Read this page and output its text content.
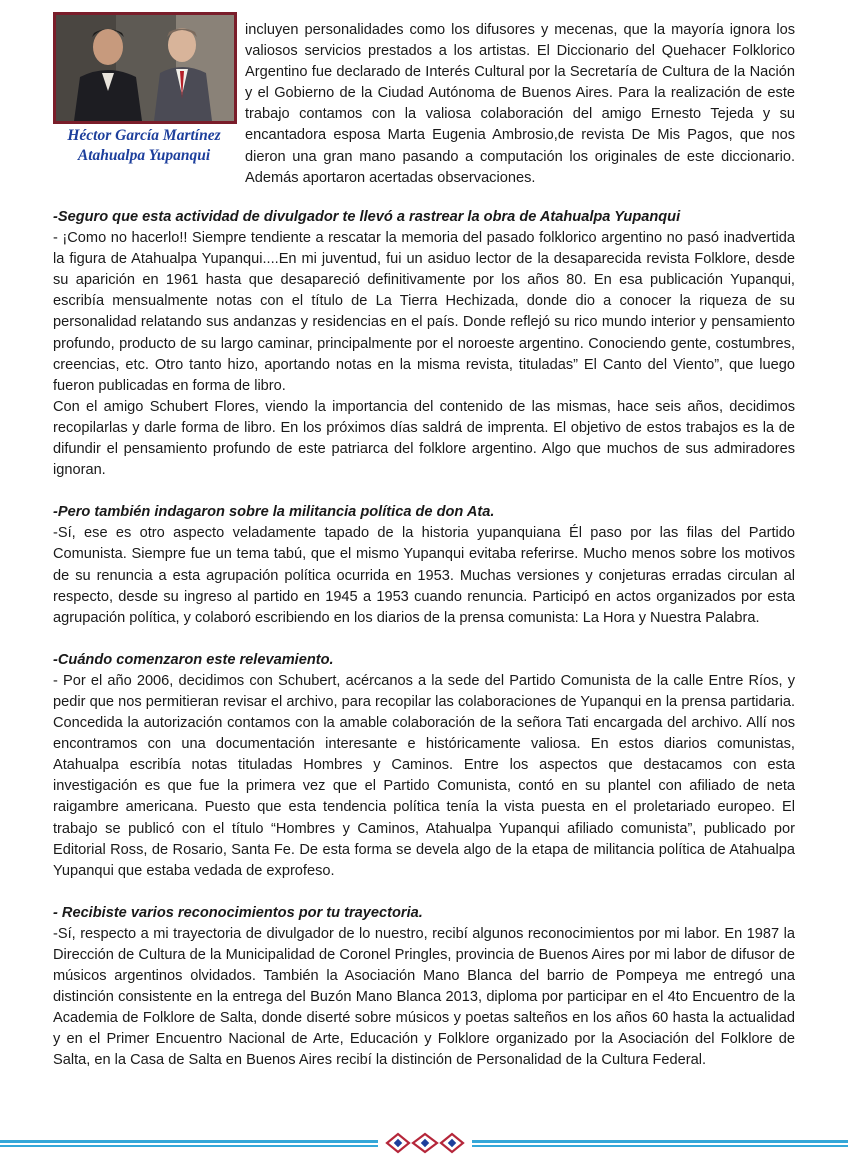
Héctor García Martínez
Atahualpa Yupanqui
incluyen personalidades como los difusores y mecenas, que la mayoría ignora los valiosos servicios prestados a los artistas. El Diccionario del Quehacer Folklorico Argentino fue declarado de Interés Cultural por la Secretaría de Cultura de la Nación y el Gobierno de la Ciudad Autónoma de Buenos Aires. Para la realización de este trabajo contamos con la valiosa colaboración del amigo Ernesto Tejeda y su encantadora esposa Marta Eugenia Ambrosio,de revista De Mis Pagos, que nos dieron una gran mano pasando a computación los originales de este diccionario. Además aportaron acertadas observaciones.
-Seguro que esta actividad de divulgador te llevó a rastrear la obra de Atahualpa Yupanqui
- ¡Como no hacerlo!! Siempre tendiente a rescatar la memoria del pasado folklorico argentino no pasó inadvertida la figura de Atahualpa Yupanqui....En mi juventud, fui un asiduo lector de la desaparecida revista Folklore, desde su aparición en 1961 hasta que desapareció definitivamente por los años 80. En esa publicación Yupanqui, escribía mensualmente notas con el título de La Tierra Hechizada, donde dio a conocer la riqueza de su personalidad relatando sus andanzas y residencias en el país. Donde reflejó su rico mundo interior y pensamiento profundo, producto de su largo caminar, principalmente por el noroeste argentino. Conociendo gente, costumbres, creencias, etc. Otro tanto hizo, aportando notas en la misma revista, tituladas” El Canto del Viento”, que luego fueron publicadas en forma de libro.
Con el amigo Schubert Flores, viendo la importancia del contenido de las mismas, hace seis años, decidimos recopilarlas y darle forma de libro. En los próximos días saldrá de imprenta. El objetivo de estos trabajos es la de difundir el pensamiento profundo de este patriarca del folklore argentino. Algo que muchos de sus admiradores ignoran.
-Pero también indagaron sobre la militancia política de don Ata.
-Sí, ese es otro aspecto veladamente tapado de la historia yupanquiana Él paso por las filas del Partido Comunista. Siempre fue un tema tabú, que el mismo Yupanqui evitaba referirse. Mucho menos sobre los motivos de su renuncia a esta agrupación política ocurrida en 1953. Muchas versiones y conjeturas erradas circulan al respecto, desde su ingreso al partido en 1945 a 1953 cuando renuncia. Participó en actos organizados por esta agrupación política, y colaboró escribiendo en los diarios de la prensa comunista: La Hora y Nuestra Palabra.
-Cuándo comenzaron este relevamiento.
- Por el año 2006, decidimos con Schubert, acércanos a la sede del Partido Comunista de la calle Entre Ríos, y pedir que nos permitieran revisar el archivo, para recopilar las colaboraciones de Yupanqui en la prensa partidaria. Concedida la autorización contamos con la amable colaboración de la señora Tati encargada del archivo. Allí nos encontramos con una documentación interesante e históricamente valiosa. En estos diarios comunistas, Atahualpa escribía notas tituladas Hombres y Caminos. Entre los aspectos que destacamos con esta investigación es que fue la primera vez que el Partido Comunista, contó en su plantel con afiliado de neta raigambre americana. Puesto que esta tendencia política tenía la vista puesta en el proletariado europeo. El trabajo se publicó con el título “Hombres y Caminos, Atahualpa Yupanqui afiliado comunista”, publicado por Editorial Ross, de Rosario, Santa Fe. De esta forma se devela algo de la etapa de militancia política de Atahualpa Yupanqui que estaba vedada de exprofeso.
- Recibiste varios reconocimientos por tu trayectoria.
-Sí, respecto a mi trayectoria de divulgador de lo nuestro, recibí algunos reconocimientos por mi labor. En 1987 la Dirección de Cultura de la Municipalidad de Coronel Pringles, provincia de Buenos Aires por mi labor de difusor de músicos argentinos olvidados. También la Asociación Mano Blanca del barrio de Pompeya me entregó una distinción consistente en la entrega del Buzón Mano Blanca 2013, diploma por participar en el 4to Encuentro de la Academia de Folklore de Salta, donde diserté sobre músicos y poetas salteños en los años 60 hasta la actualidad y en el Primer Encuentro Nacional de Arte, Educación y Folklore organizado por la Asociación del Folklore de Salta, en la Casa de Salta en Buenos Aires recibí la distinción de Personalidad de la Cultura Federal.
